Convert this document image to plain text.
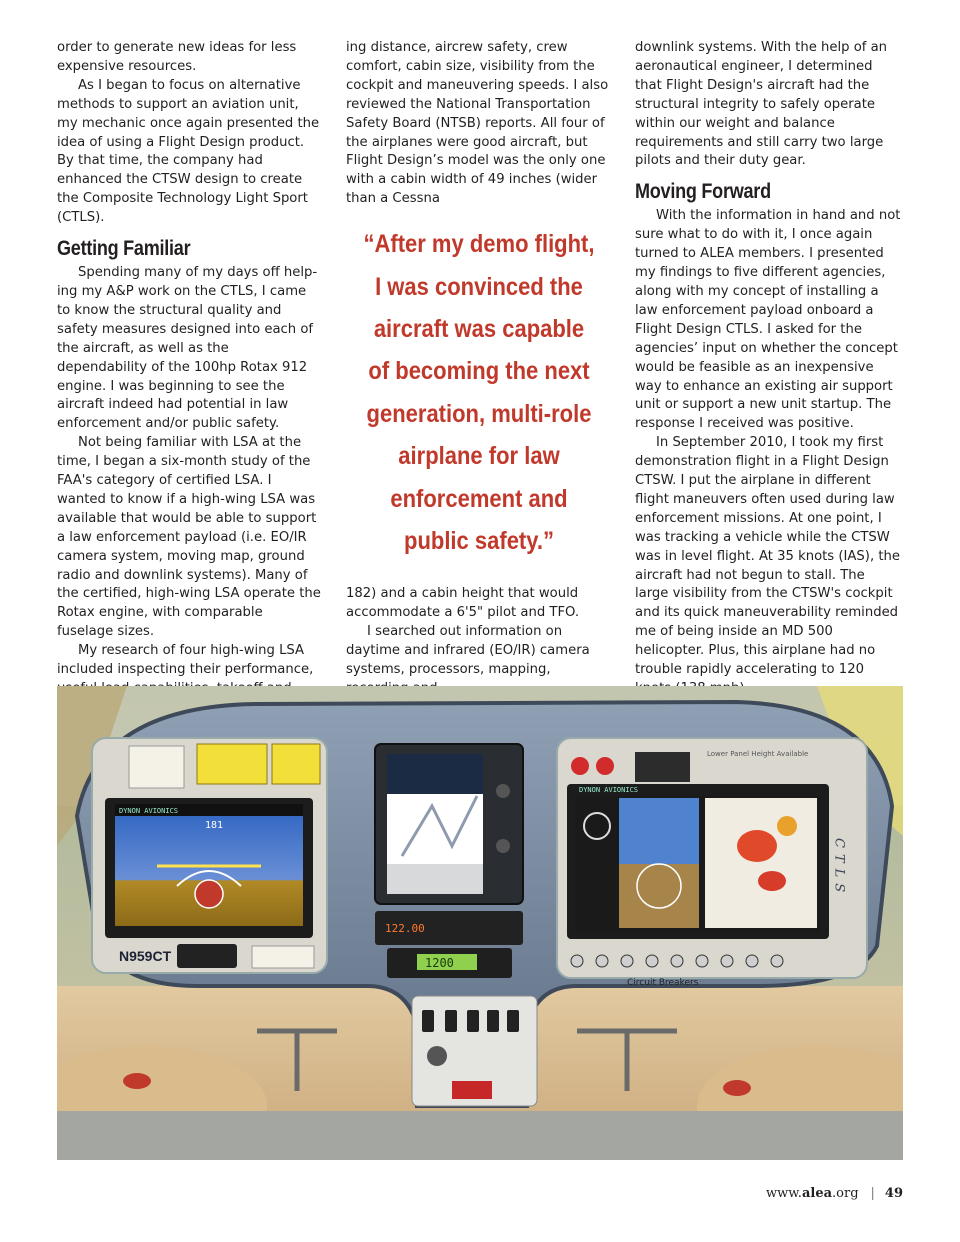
order to generate new ideas for less expensive resources.

As I began to focus on alternative methods to support an aviation unit, my mechanic once again presented the idea of using a Flight Design product. By that time, the company had enhanced the CTSW design to create the Composite Technology Light Sport (CTLS).

Getting Familiar

Spending many of my days off help-ing my A&P work on the CTLS, I came to know the structural quality and safety measures designed into each of the aircraft, as well as the dependability of the 100hp Rotax 912 engine. I was beginning to see the aircraft indeed had potential in law enforcement and/or public safety.

Not being familiar with LSA at the time, I began a six-month study of the FAA's category of certified LSA. I wanted to know if a high-wing LSA was available that would be able to support a law enforcement payload (i.e. EO/IR camera system, moving map, ground radio and downlink systems). Many of the certified, high-wing LSA operate the Rotax engine, with comparable fuselage sizes.

My research of four high-wing LSA included inspecting their performance,

ing distance, aircrew safety, crew comfort, cabin size, visibility from the cockpit and maneuvering speeds. I also reviewed the National Transportation Safety Board (NTSB) reports. All four of the airplanes were good aircraft, but Flight Design’s model was the only one with a cabin width of 49 inches (wider than a Cessna

“After my demo flight, I was convinced the aircraft was capable of becoming the next generation, multi-role airplane for law enforcement and public safety.”

182) and a cabin height that would accommodate a 6'5" pilot and TFO.

I searched out information on daytime and infrared (EO/IR) camera systems, processors, mapping,

downlink systems. With the help of an aeronautical engineer, I determined that Flight Design's aircraft had the structural integrity to safely operate within our weight and balance requirements and still carry two large pilots and their duty gear.

Moving Forward

With the information in hand and not sure what to do with it, I once again turned to ALEA members. I presented my findings to five different agencies, along with my concept of installing a law enforcement payload onboard a Flight Design CTLS. I asked for the agencies’ input on whether the concept would be feasible as an inexpensive way to enhance an existing air support unit or support a new unit startup. The response I received was positive.

In September 2010, I took my first demonstration flight in a Flight Design CTSW. I put the airplane in different flight maneuvers often used during law enforcement missions. At one point, I was tracking a vehicle while the CTSW was in level flight. At 35 knots (IAS), the aircraft had not begun to stall. The large visibility from the CTSW's cockpit and its quick maneuverability reminded me of being inside an MD 500 helicopter. Plus, this airplane had no trouble rapidly accelerating to 120

DYNON AVIONICS
181
N959CT
122.00
1200
Lower Panel Height Available
DYNON AVIONICS
CTLS
Circuit Breakers
www.alea.org | 49
